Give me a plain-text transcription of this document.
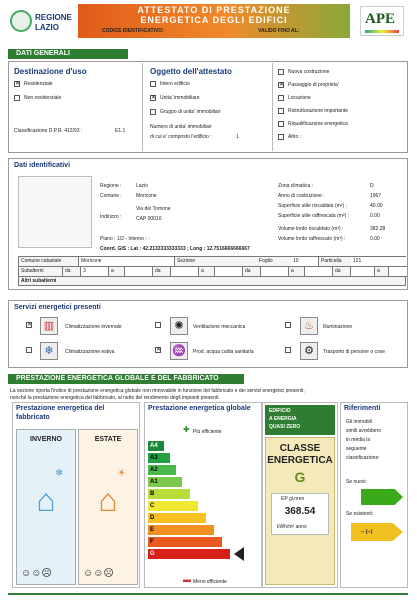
REGIONE
LAZIO
ATTESTATO DI PRESTAZIONE
ENERGETICA DEGLI EDIFICI
CODICE IDENTIFICATIVO:	VALIDO FINO AL:
APE
DATI GENERALI
Destinazione d'uso
✕ Residenziale
Non residenziale
Classificazione D.P.R. 412/93 :	E1.1
Oggetto dell'attestato
Intero edificio
✕ Unita' immobiliare
Gruppo di unita' immobiliari
Numero di unita' immobiliari
di cui e' composto l'edificio :	1
Nuova costruzione
✕ Passaggio di proprieta'
Locazione
Ristrutturazione importante
Riqualificazione energetica
Altro :
Dati identificativi
Regione :	Lazio
Comune :	Moricone
Via del Torrione
Indirizzo :	CAP 00010
Piano : 1/2 - Interno : -
Coord. GIS : Lat : 42.2133333333333 ; Long : 12.7516666666667
Zona climatica :	D
Anno di costruzione :	1967
Superficie utile riscaldata (m²) :	40.00
Superficie utile raffrescata (m²) :	0.00
Volume lordo riscaldato (m³) :	382.28
Volume lordo raffrescato (m³) :	0.00
Comune catastale	Moricone	Sezione	Foglio	10	Particella	121
Subalterni	da	3	a	da	a	da	a	da	a
Altri subalterni
Servizi energetici presenti
✕	▥	Climatizzazione invernale	✺	Ventilazione meccanica	♨	Illuminazione
❄	Climatizzazione estiva	✕ ♒	Prod. acqua calda sanitaria	⚙	Trasporto di persone o cose
PRESTAZIONE ENERGETICA GLOBALE E DEL FABBRICATO
La sezione riporta l'indice di prestazione energetica globale non rinnovabile in funzione del fabbricato e dei servizi energetici presenti,
nonché la prestazione energetica del fabbricato, al netto del rendimento degli impianti presenti.
Prestazione energetica del
fabbricato
INVERNO
⌂
❄
☺☺☹
ESTATE
⌂
☀
☺☺☹
Prestazione energetica globale
Più efficiente
✚
A4
A3
A2
A1
B
C
D
E
F
G
Meno efficiente
▬
EDIFICIO
A ENERGIA
QUASI ZERO
CLASSE
ENERGETICA
G
EP gl,nren
368.54
kWh/m² anno
Riferimenti
Gli immobili
simili avrebbero
in media la
seguente
classificazione:
Se nuovi:
Se esistenti:
-- (--)
